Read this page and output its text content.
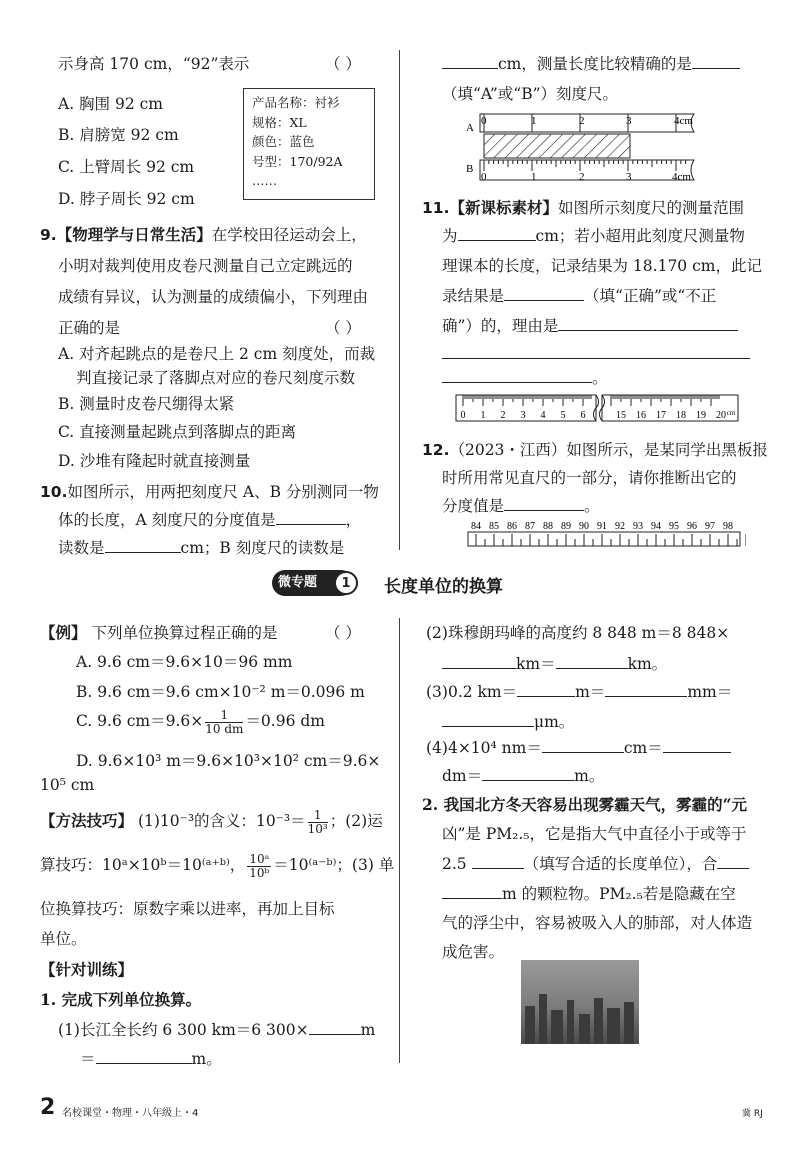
示身高 170 cm，“92”表示	（ ）
A. 胸围 92 cm
B. 肩膀宽 92 cm
C. 上臂周长 92 cm
D. 脖子周长 92 cm
产品名称：衬衫
规格：XL
颜色：蓝色
号型：170/92A
……
9.【物理学与日常生活】在学校田径运动会上，
小明对裁判使用皮卷尺测量自己立定跳远的
成绩有异议，认为测量的成绩偏小，下列理由
正确的是	（ ）
A. 对齐起跳点的是卷尺上 2 cm 刻度处，而裁
判直接记录了落脚点对应的卷尺刻度示数
B. 测量时皮卷尺绷得太紧
C. 直接测量起跳点到落脚点的距离
D. 沙堆有隆起时就直接测量
10.如图所示，用两把刻度尺 A、B 分别测同一物
体的长度，A 刻度尺的分度值是	，
读数是	cm；B 刻度尺的读数是
cm，测量长度比较精确的是
（填“A”或“B”）刻度尺。
A
0	1	2	3	4cm
B
0	1	2	3	4cm
11.【新课标素材】如图所示刻度尺的测量范围
为	cm；若小超用此刻度尺测量物
理课本的长度，记录结果为 18.170 cm，此记
录结果是	（填“正确”或“不正
确”）的，理由是
。
0 1 2 3 4 5 6	15 16 17 18 19 20 cm
12.（2023・江西）如图所示，是某同学出黑板报
时所用常见直尺的一部分，请你推断出它的
分度值是	。
84 85 86 87 88 89 90 91 92 93 94 95 96 97 98
微专题	1	长度单位的换算
【例】 下列单位换算过程正确的是	（ ）
A. 9.6 cm＝9.6×10＝96 mm
B. 9.6 cm＝9.6 cm×10⁻² m＝0.096 m
C. 9.6 $cm=9.6\times \frac{1}{10 dm} =0.96$ dm
D. 9.6×10³ m＝9.6×10³×10² cm＝9.6×
10⁵ cm
【方法技巧】 (1)10⁻³的含义：$10^{-3}= \frac{1}{\text{10³}}$ ；(2)运
算技巧：10ᵃ×10ᵇ＝10⁽ᵃ⁺ᵇ⁾， $\frac{\text{10ᵃ}}{\text{10ᵇ}}$ ＝10⁽ᵃ⁻ᵇ⁾；(3) 单
位换算技巧：原数字乘以进率，再加上目标
单位。
【针对训练】
1. 完成下列单位换算。
(1)长江全长约 6 300 km＝6 300×	m
＝	m。
(2)珠穆朗玛峰的高度约 8 848 m＝8 848×
km＝	km。
(3)0.2 km＝	m＝	mm＝
μm。
(4)4×10⁴ nm＝	cm＝
dm＝	m。
2. 我国北方冬天容易出现雾霾天气，雾霾的“元
凶”是 PM₂.₅，它是指大气中直径小于或等于
2.5	（填写合适的长度单位），合
m 的颗粒物。PM₂.₅若是隐藏在空
气的浮尘中，容易被吸入人的肺部，对人体造
成危害。
2 名校课堂・物理・八年级上・4	冀 RJ
